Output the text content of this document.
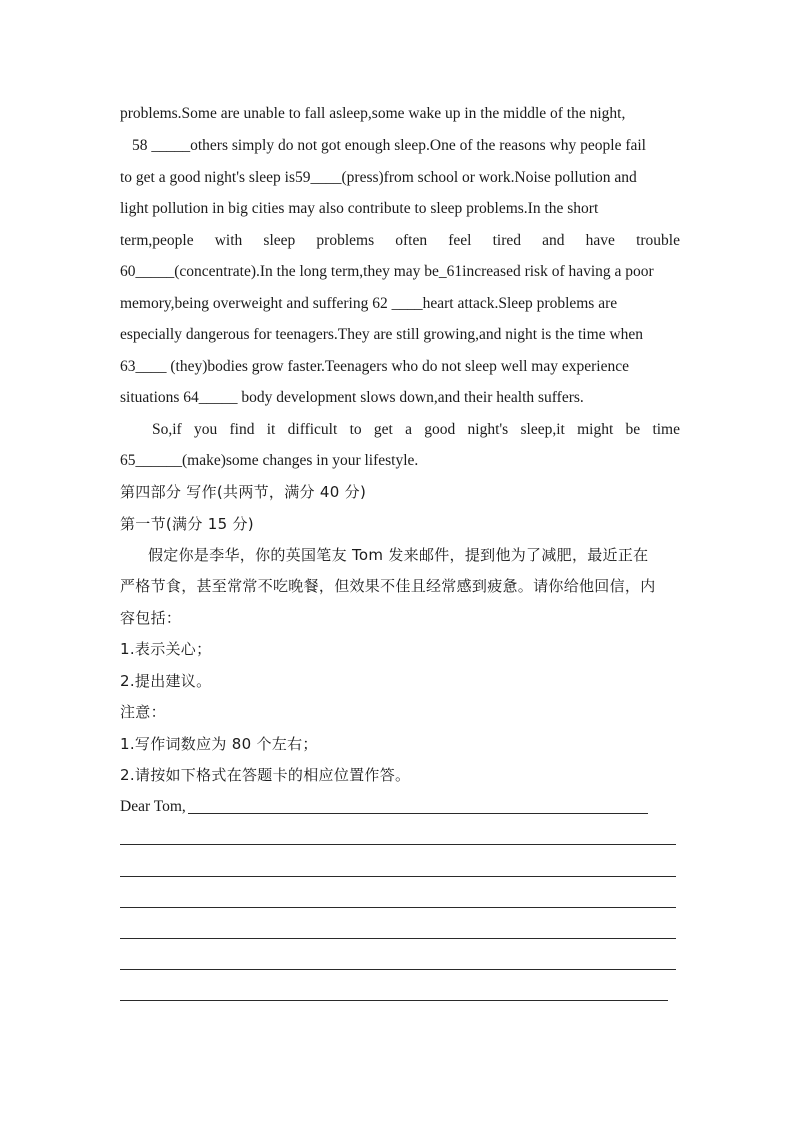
problems.Some are unable to fall asleep,some wake up in the middle of the night,
58 _____others simply do not got enough sleep.One of the reasons why people fail
to get a good night's sleep is59____(press)from school or work.Noise pollution and
light pollution in big cities may also contribute to sleep problems.In the short
term,people with sleep problems often feel tired and have trouble
60_____(concentrate).In the long term,they may be_61increased risk of having a poor
memory,being overweight and suffering 62 ____heart attack.Sleep problems are
especially dangerous for teenagers.They are still growing,and night is the time when
63____ (they)bodies grow faster.Teenagers who do not sleep well may experience
situations 64_____ body development slows down,and their health suffers.
So,if you find it difficult to get a good night's sleep,it might be time
65______(make)some changes in your lifestyle.
第四部分 写作(共两节，满分 40 分)
第一节(满分 15 分)
假定你是李华，你的英国笔友 Tom 发来邮件，提到他为了减肥，最近正在
严格节食，甚至常常不吃晚餐，但效果不佳且经常感到疲惫。请你给他回信，内
容包括：
1.表示关心；
2.提出建议。
注意：
1.写作词数应为 80 个左右；
2.请按如下格式在答题卡的相应位置作答。
Dear Tom,
